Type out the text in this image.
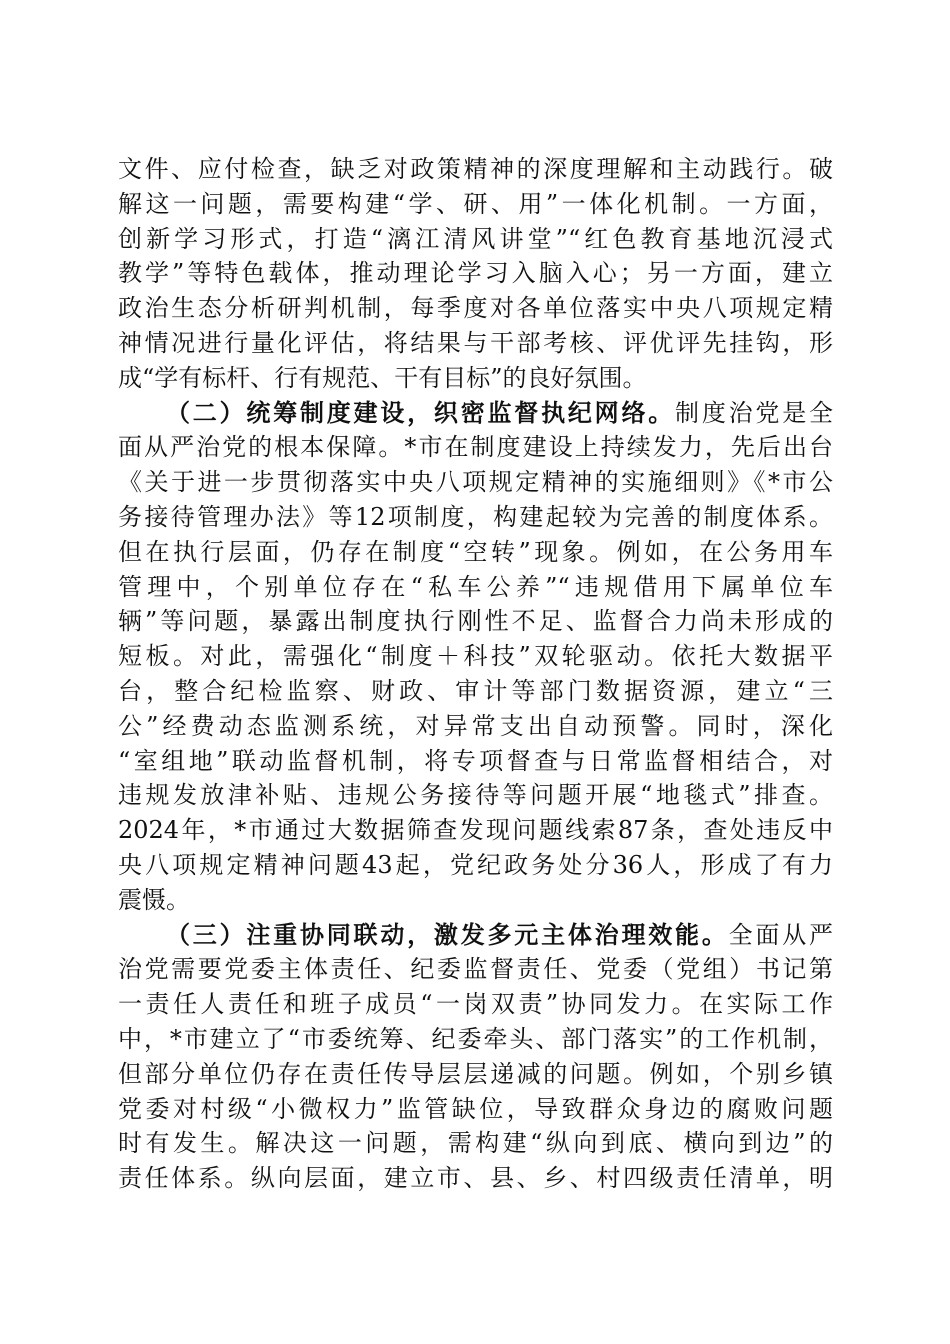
文件、应付检查，缺乏对政策精神的深度理解和主动践行。破
解这一问题，需要构建“学、研、用”一体化机制。一方面，
创新学习形式，打造“漓江清风讲堂”“红色教育基地沉浸式
教学”等特色载体，推动理论学习入脑入心；另一方面，建立
政治生态分析研判机制，每季度对各单位落实中央八项规定精
神情况进行量化评估，将结果与干部考核、评优评先挂钩，形
成“学有标杆、行有规范、干有目标”的良好氛围。
（二）统筹制度建设，织密监督执纪网络。制度治党是全
面从严治党的根本保障。*市在制度建设上持续发力，先后出台
《关于进一步贯彻落实中央八项规定精神的实施细则》《*市公
务接待管理办法》等12项制度，构建起较为完善的制度体系。
但在执行层面，仍存在制度“空转”现象。例如，在公务用车
管理中，个别单位存在“私车公养”“违规借用下属单位车
辆”等问题，暴露出制度执行刚性不足、监督合力尚未形成的
短板。对此，需强化“制度＋科技”双轮驱动。依托大数据平
台，整合纪检监察、财政、审计等部门数据资源，建立“三
公”经费动态监测系统，对异常支出自动预警。同时，深化
“室组地”联动监督机制，将专项督查与日常监督相结合，对
违规发放津补贴、违规公务接待等问题开展“地毯式”排查。
2024年，*市通过大数据筛查发现问题线索87条，查处违反中
央八项规定精神问题43起，党纪政务处分36人，形成了有力
震慑。
（三）注重协同联动，激发多元主体治理效能。全面从严
治党需要党委主体责任、纪委监督责任、党委（党组）书记第
一责任人责任和班子成员“一岗双责”协同发力。在实际工作
中，*市建立了“市委统筹、纪委牵头、部门落实”的工作机制，
但部分单位仍存在责任传导层层递减的问题。例如，个别乡镇
党委对村级“小微权力”监管缺位，导致群众身边的腐败问题
时有发生。解决这一问题，需构建“纵向到底、横向到边”的
责任体系。纵向层面，建立市、县、乡、村四级责任清单，明
